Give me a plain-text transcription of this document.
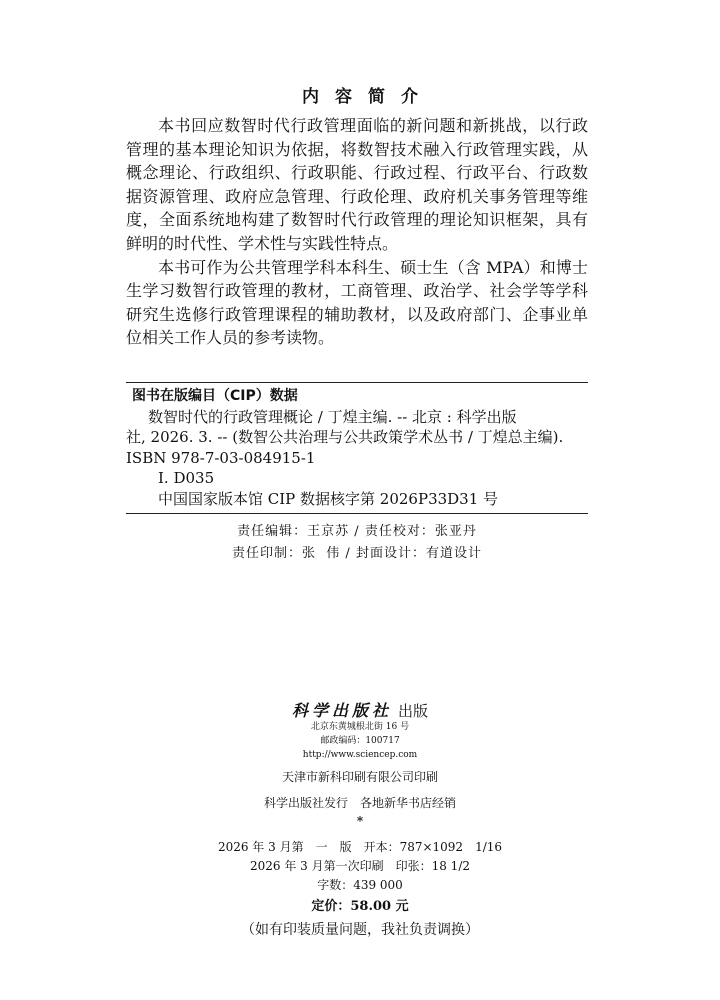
内容简介

本书回应数智时代行政管理面临的新问题和新挑战，以行政管理的基本理论知识为依据，将数智技术融入行政管理实践，从概念理论、行政组织、行政职能、行政过程、行政平台、行政数据资源管理、政府应急管理、行政伦理、政府机关事务管理等维度，全面系统地构建了数智时代行政管理的理论知识框架，具有鲜明的时代性、学术性与实践性特点。

本书可作为公共管理学科本科生、硕士生（含 MPA）和博士生学习数智行政管理的教材，工商管理、政治学、社会学等学科研究生选修行政管理课程的辅助教材，以及政府部门、企事业单位相关工作人员的参考读物。

图书在版编目（CIP）数据
数智时代的行政管理概论 / 丁煌主编. -- 北京 : 科学出版
社, 2026. 3. -- (数智公共治理与公共政策学术丛书 / 丁煌总主编).
ISBN 978-7-03-084915-1
Ⅰ. D035
中国国家版本馆 CIP 数据核字第 2026P33D31 号
责任编辑：王京苏 / 责任校对：张亚丹
责任印制：张  伟 / 封面设计：有道设计
科学出版社 出版
北京东黄城根北街 16 号
邮政编码：100717
http://www.sciencep.com
天津市新科印刷有限公司印刷
科学出版社发行　各地新华书店经销
*
2026 年 3 月第　一　版　开本：787×1092　1/16
2026 年 3 月第一次印刷　印张：18 1/2
字数：439 000
定价：58.00 元
（如有印装质量问题，我社负责调换）
